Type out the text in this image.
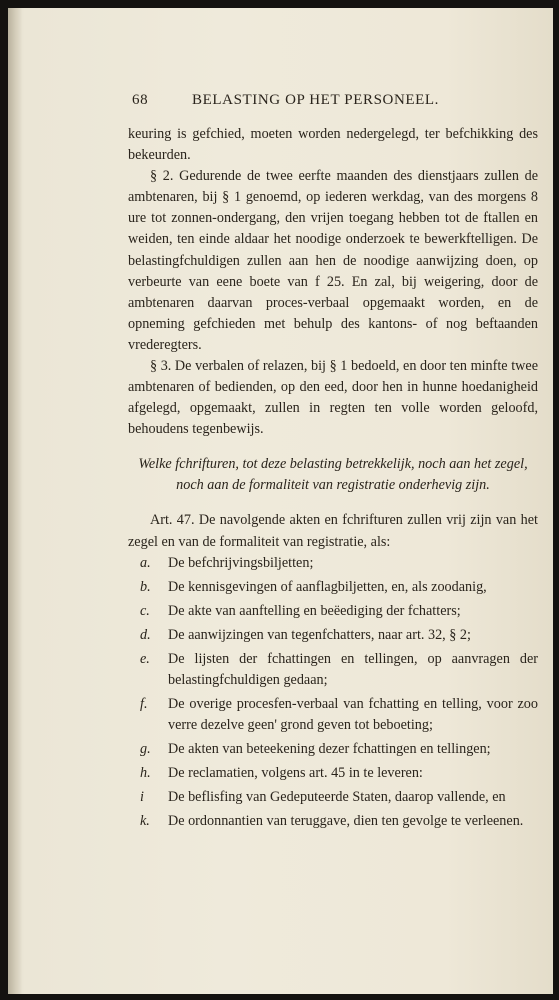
68	BELASTING OP HET PERSONEEL.

keuring is gefchied, moeten worden nedergelegd, ter befchikking des bekeurden.

§ 2. Gedurende de twee eerfte maanden des dienstjaars zullen de ambtenaren, bij § 1 genoemd, op iederen werkdag, van des morgens 8 ure tot zonnen-ondergang, den vrijen toegang hebben tot de ftallen en weiden, ten einde aldaar het noodige onderzoek te bewerkftelligen. De belastingfchuldigen zullen aan hen de noodige aanwijzing doen, op verbeurte van eene boete van f 25. En zal, bij weigering, door de ambtenaren daarvan proces-verbaal opgemaakt worden, en de opneming gefchieden met behulp des kantons- of nog beftaanden vrederegters.

§ 3. De verbalen of relazen, bij § 1 bedoeld, en door ten minfte twee ambtenaren of bedienden, op den eed, door hen in hunne hoedanigheid afgelegd, opgemaakt, zullen in regten ten volle worden geloofd, behoudens tegenbewijs.

Welke fchrifturen, tot deze belasting betrekkelijk, noch aan het zegel, noch aan de formaliteit van registratie onderhevig zijn.

Art. 47. De navolgende akten en fchrifturen zullen vrij zijn van het zegel en van de formaliteit van registratie, als:

a.	De befchrijvingsbiljetten;
b.	De kennisgevingen of aanflagbiljetten, en, als zoodanig,
c.	De akte van aanftelling en beëediging der fchatters;
d.	De aanwijzingen van tegenfchatters, naar art. 32, § 2;
e.	De lijsten der fchattingen en tellingen, op aanvragen der belastingfchuldigen gedaan;
f.	De overige procesfen-verbaal van fchatting en telling, voor zoo verre dezelve geen' grond geven tot beboeting;
g.	De akten van beteekening dezer fchattingen en tellingen;
h.	De reclamatien, volgens art. 45 in te leveren:
i	De beflisfing van Gedeputeerde Staten, daarop vallende, en
k.	De ordonnantien van teruggave, dien ten gevolge te verleenen.
